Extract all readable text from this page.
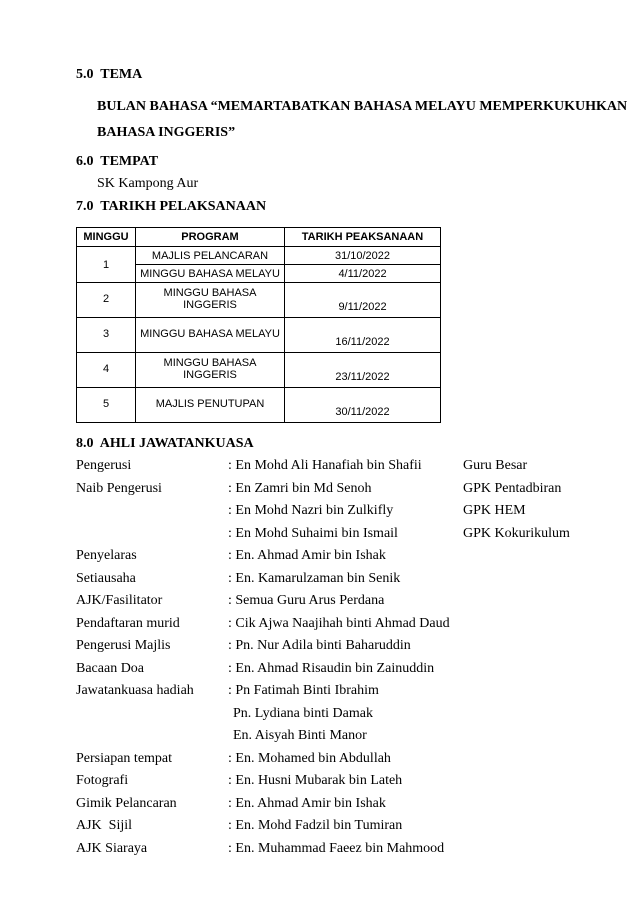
5.0 TEMA
BULAN BAHASA “MEMARTABATKAN BAHASA MELAYU MEMPERKUKUHKAN
BAHASA INGGERIS”
6.0 TEMPAT
SK Kampong Aur
7.0 TARIKH PELAKSANAAN
MINGGU	PROGRAM	TARIKH PEAKSANAAN
1	MAJLIS PELANCARAN	31/10/2022
	MINGGU BAHASA MELAYU	4/11/2022
2	MINGGU BAHASA INGGERIS	9/11/2022
3	MINGGU BAHASA MELAYU	16/11/2022
4	MINGGU BAHASA INGGERIS	23/11/2022
5	MAJLIS PENUTUPAN	30/11/2022
8.0 AHLI JAWATANKUASA
Pengerusi	: En Mohd Ali Hanafiah bin Shafii	Guru Besar
Naib Pengerusi	: En Zamri bin Md Senoh	GPK Pentadbiran
: En Mohd Nazri bin Zulkifly	GPK HEM
: En Mohd Suhaimi bin Ismail	GPK Kokurikulum
Penyelaras	: En. Ahmad Amir bin Ishak
Setiausaha	: En. Kamarulzaman bin Senik
AJK/Fasilitator	: Semua Guru Arus Perdana
Pendaftaran murid	: Cik Ajwa Naajihah binti Ahmad Daud
Pengerusi Majlis	: Pn. Nur Adila binti Baharuddin
Bacaan Doa	: En. Ahmad Risaudin bin Zainuddin
Jawatankuasa hadiah : Pn Fatimah Binti Ibrahim
Pn. Lydiana binti Damak
En. Aisyah Binti Manor
Persiapan tempat	: En. Mohamed bin Abdullah
Fotografi	: En. Husni Mubarak bin Lateh
Gimik Pelancaran	: En. Ahmad Amir bin Ishak
AJK  Sijil	: En. Mohd Fadzil bin Tumiran
AJK Siaraya	: En. Muhammad Faeez bin Mahmood
